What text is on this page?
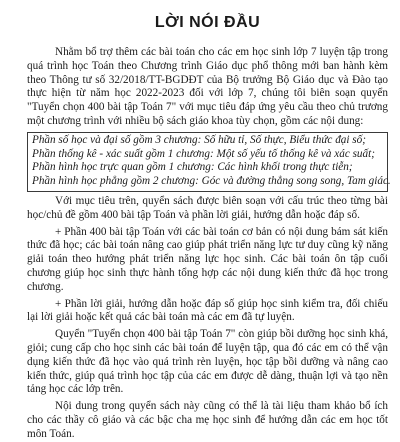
LỜI NÓI ĐẦU

Nhằm bổ trợ thêm các bài toán cho các em học sinh lớp 7 luyện tập trong quá trình học Toán theo Chương trình Giáo dục phổ thông mới ban hành kèm theo Thông tư số 32/2018/TT-BGDĐT của Bộ trưởng Bộ Giáo dục và Đào tạo thực hiện từ năm học 2022-2023 đối với lớp 7, chúng tôi biên soạn quyển "Tuyển chọn 400 bài tập Toán 7" với mục tiêu đáp ứng yêu cầu theo chủ trương một chương trình với nhiều bộ sách giáo khoa tùy chọn, gồm các nội dung:

Phần số học và đại số gồm 3 chương: Số hữu tỉ, Số thực, Biểu thức đại số;
Phần thống kê - xác suất gồm 1 chương: Một số yếu tố thống kê và xác suất;
Phần hình học trực quan gồm 1 chương: Các hình khối trong thực tiễn;
Phần hình học phẳng gồm 2 chương: Góc và đường thẳng song song, Tam giác.

Với mục tiêu trên, quyển sách được biên soạn với cấu trúc theo từng bài học/chủ đề gồm 400 bài tập Toán và phần lời giải, hướng dẫn hoặc đáp số.

+ Phần 400 bài tập Toán với các bài toán cơ bản có nội dung bám sát kiến thức đã học; các bài toán nâng cao giúp phát triển năng lực tư duy cũng kỹ năng giải toán theo hướng phát triển năng lực học sinh. Các bài toán ôn tập cuối chương giúp học sinh thực hành tổng hợp các nội dung kiến thức đã học trong chương.

+ Phần lời giải, hướng dẫn hoặc đáp số giúp học sinh kiểm tra, đối chiếu lại lời giải hoặc kết quả các bài toán mà các em đã tự luyện.

Quyển "Tuyển chọn 400 bài tập Toán 7" còn giúp bồi dưỡng học sinh khá, giỏi; cung cấp cho học sinh các bài toán để luyện tập, qua đó các em có thể vận dụng kiến thức đã học vào quá trình rèn luyện, học tập bồi dưỡng và nâng cao kiến thức, giúp quá trình học tập của các em được dễ dàng, thuận lợi và tạo nền tảng học các lớp trên.

Nội dung trong quyển sách này cũng có thể là tài liệu tham khảo bổ ích cho các thầy cô giáo và các bậc cha mẹ học sinh để hướng dẫn các em học tốt môn Toán.
